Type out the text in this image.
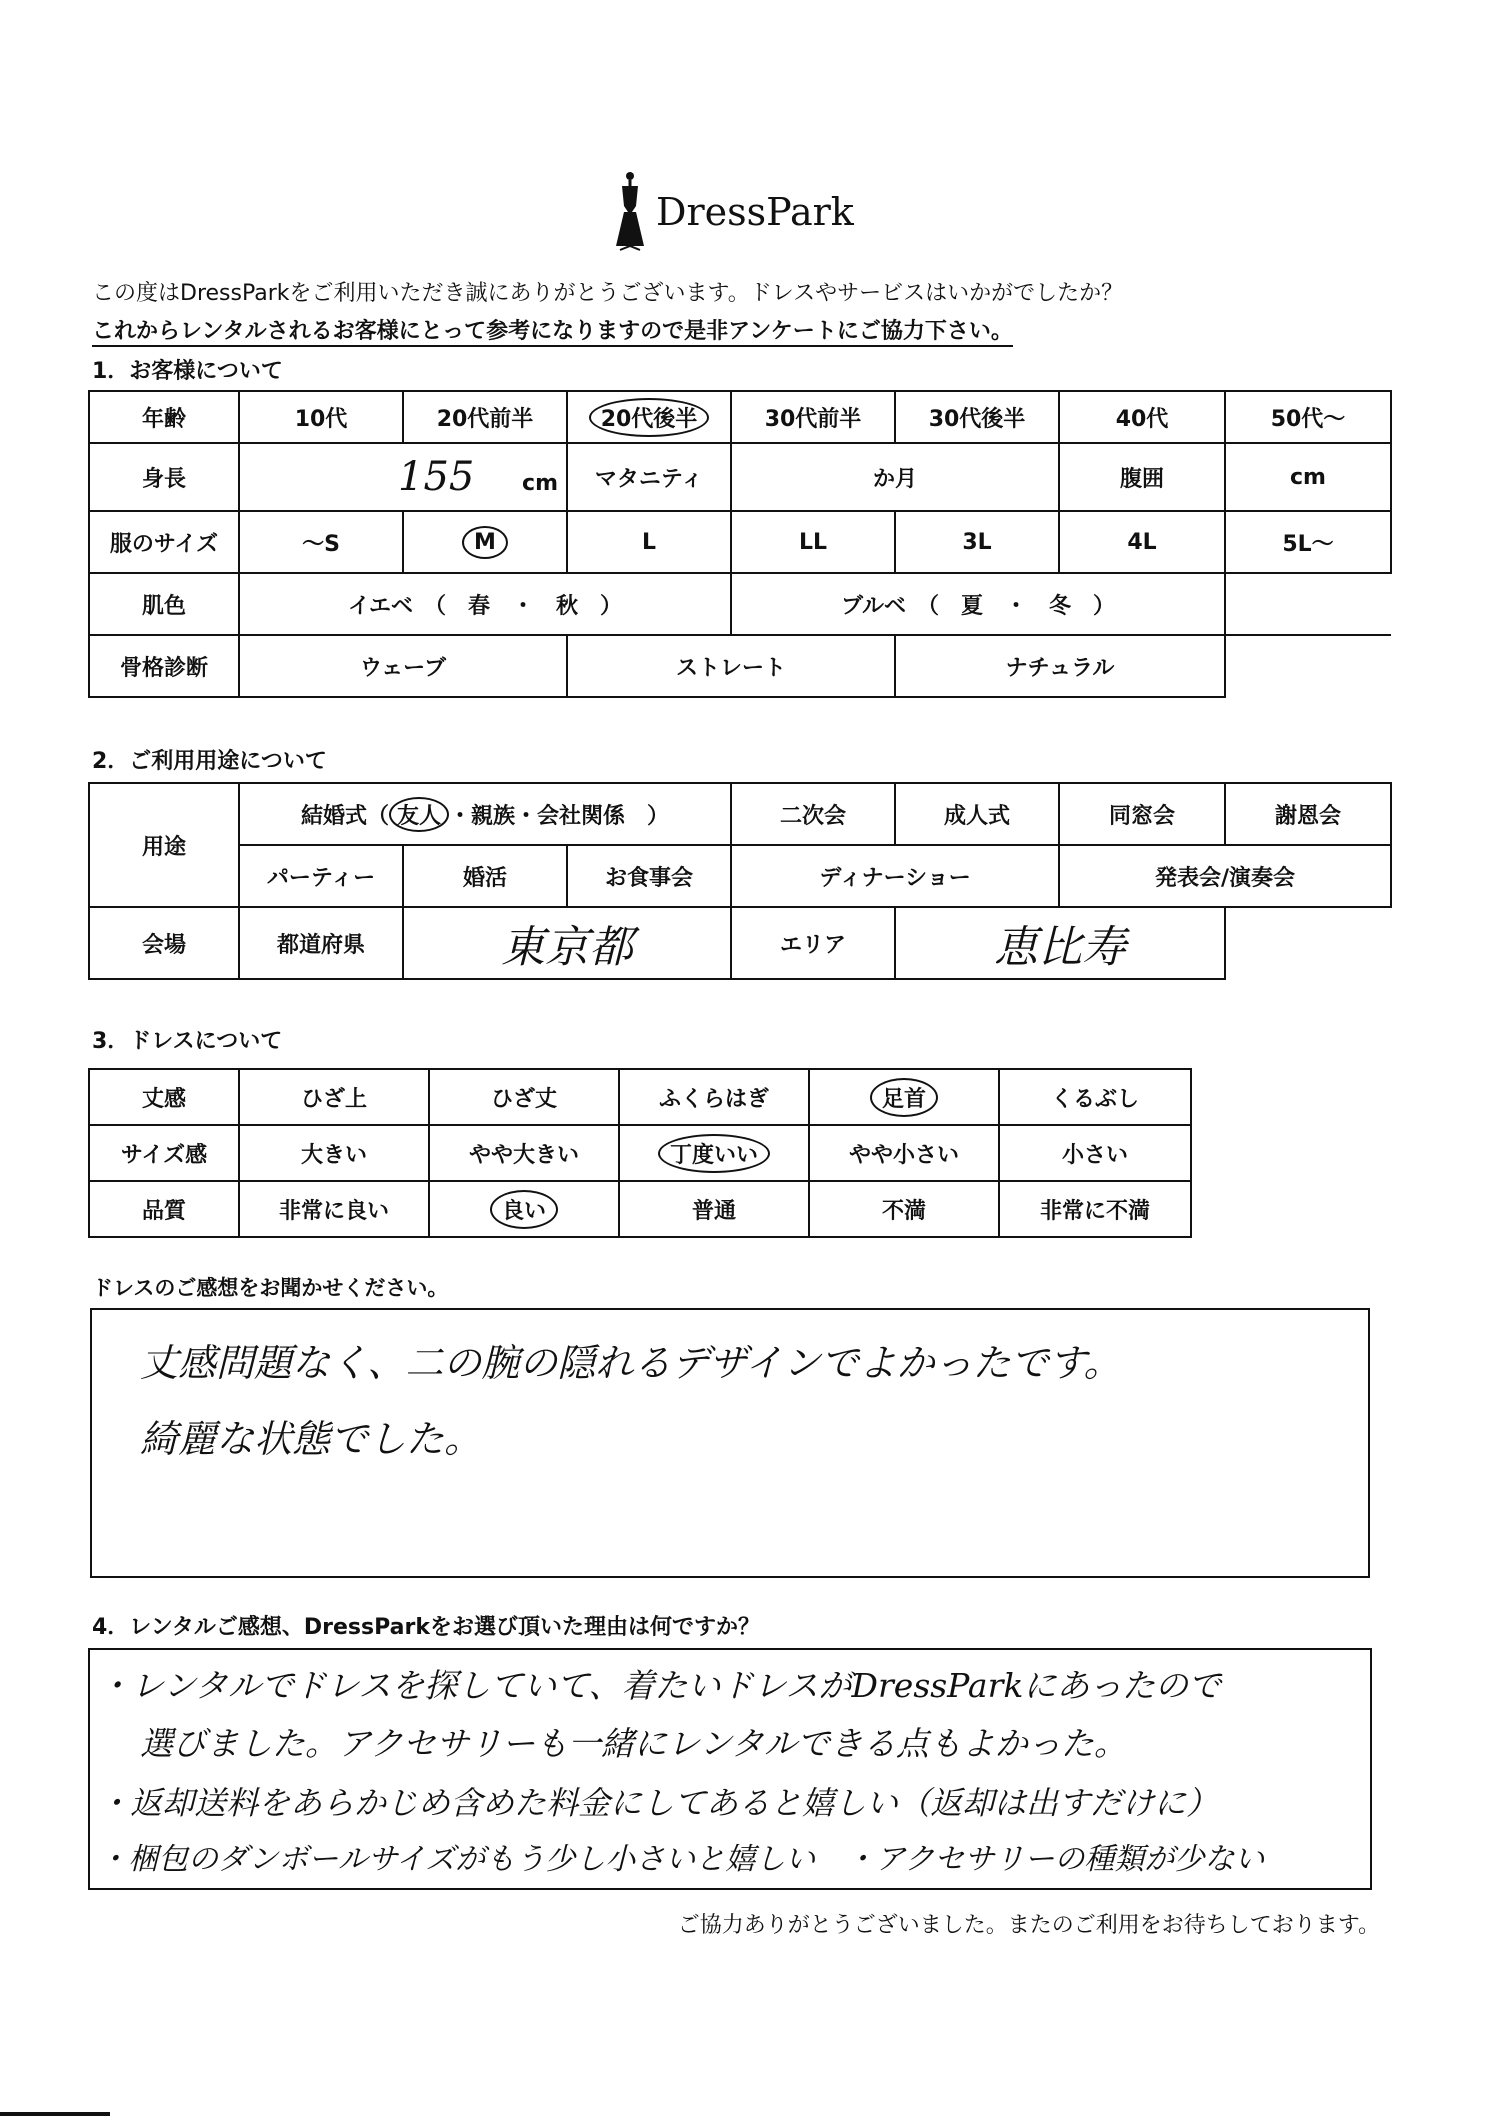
DressPark
この度はDressParkをご利用いただき誠にありがとうございます。ドレスやサービスはいかがでしたか？
これからレンタルされるお客様にとって参考になりますので是非アンケートにご協力下さい。
1．お客様について
年齢	10代	20代前半	20代後半	30代前半	30代後半	40代	50代～
身長	155 cm		マタニティ	か月		腹囲	cm
服のサイズ	～S	M	L	LL	3L	4L	5L～
肌色	イエベ　（　春　・　秋　）			ブルベ　（　夏　・　冬　）			
骨格診断	ウェーブ		ストレート		ナチュラル		
2．ご利用用途について
用途	結婚式（ 友人 ・親族・会社関係　）			二次会	成人式	同窓会	謝恩会
	パーティー	婚活	お食事会	ディナーショー		発表会/演奏会	
会場	都道府県	東京都		エリア	恵比寿		
3．ドレスについて
丈感	ひざ上	ひざ丈	ふくらはぎ	足首	くるぶし
サイズ感	大きい	やや大きい	丁度いい	やや小さい	小さい
品質	非常に良い	良い	普通	不満	非常に不満
ドレスのご感想をお聞かせください。
丈感問題なく、二の腕の隠れるデザインでよかったです。
綺麗な状態でした。
4．レンタルご感想、DressParkをお選び頂いた理由は何ですか？
・レンタルでドレスを探していて、着たいドレスがDressParkにあったので
選びました。アクセサリーも一緒にレンタルできる点もよかった。
・返却送料をあらかじめ含めた料金にしてあると嬉しい（返却は出すだけに）
・梱包のダンボールサイズがもう少し小さいと嬉しい　・アクセサリーの種類が少ない
ご協力ありがとうございました。またのご利用をお待ちしております。
